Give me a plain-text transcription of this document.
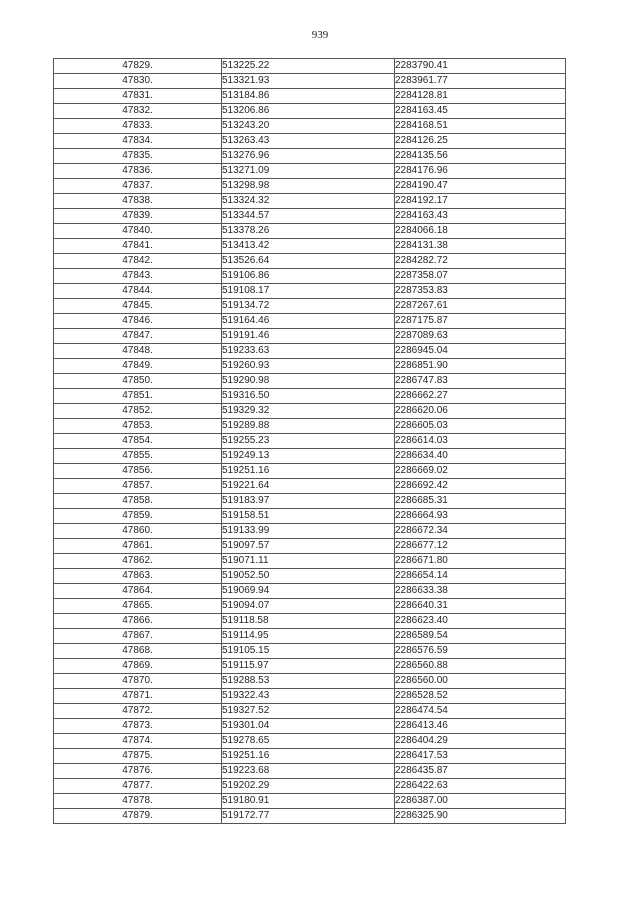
939
47829.	513225.22	2283790.41
47830.	513321.93	2283961.77
47831.	513184.86	2284128.81
47832.	513206.86	2284163.45
47833.	513243.20	2284168.51
47834.	513263.43	2284126.25
47835.	513276.96	2284135.56
47836.	513271.09	2284176.96
47837.	513298.98	2284190.47
47838.	513324.32	2284192.17
47839.	513344.57	2284163.43
47840.	513378.26	2284066.18
47841.	513413.42	2284131.38
47842.	513526.64	2284282.72
47843.	519106.86	2287358.07
47844.	519108.17	2287353.83
47845.	519134.72	2287267.61
47846.	519164.46	2287175.87
47847.	519191.46	2287089.63
47848.	519233.63	2286945.04
47849.	519260.93	2286851.90
47850.	519290.98	2286747.83
47851.	519316.50	2286662.27
47852.	519329.32	2286620.06
47853.	519289.88	2286605.03
47854.	519255.23	2286614.03
47855.	519249.13	2286634.40
47856.	519251.16	2286669.02
47857.	519221.64	2286692.42
47858.	519183.97	2286685.31
47859.	519158.51	2286664.93
47860.	519133.99	2286672.34
47861.	519097.57	2286677.12
47862.	519071.11	2286671.80
47863.	519052.50	2286654.14
47864.	519069.94	2286633.38
47865.	519094.07	2286640.31
47866.	519118.58	2286623.40
47867.	519114.95	2286589.54
47868.	519105.15	2286576.59
47869.	519115.97	2286560.88
47870.	519288.53	2286560.00
47871.	519322.43	2286528.52
47872.	519327.52	2286474.54
47873.	519301.04	2286413.46
47874.	519278.65	2286404.29
47875.	519251.16	2286417.53
47876.	519223.68	2286435.87
47877.	519202.29	2286422.63
47878.	519180.91	2286387.00
47879.	519172.77	2286325.90
